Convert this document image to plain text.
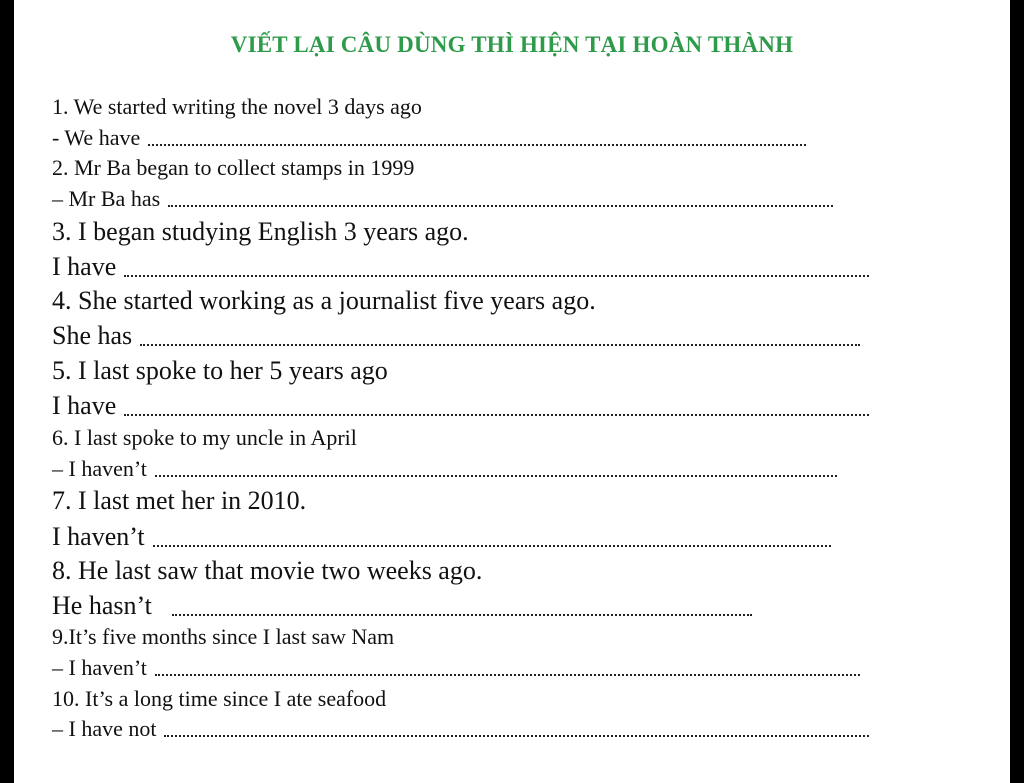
VIẾT LẠI CÂU DÙNG THÌ HIỆN TẠI HOÀN THÀNH
1. We started writing the novel 3 days ago
- We have
2. Mr Ba began to collect stamps in 1999
– Mr Ba has
3. I began studying English 3 years ago.
I have
4. She started working as a journalist five years ago.
She has
5. I last spoke to her 5 years ago
I have
6. I last spoke to my uncle in April
– I haven’t
7. I last met her in 2010.
I haven’t
8. He last saw that movie two weeks ago.
He hasn’t
9.It’s five months since I last saw Nam
– I haven’t
10. It’s a long time since I ate seafood
– I have not
